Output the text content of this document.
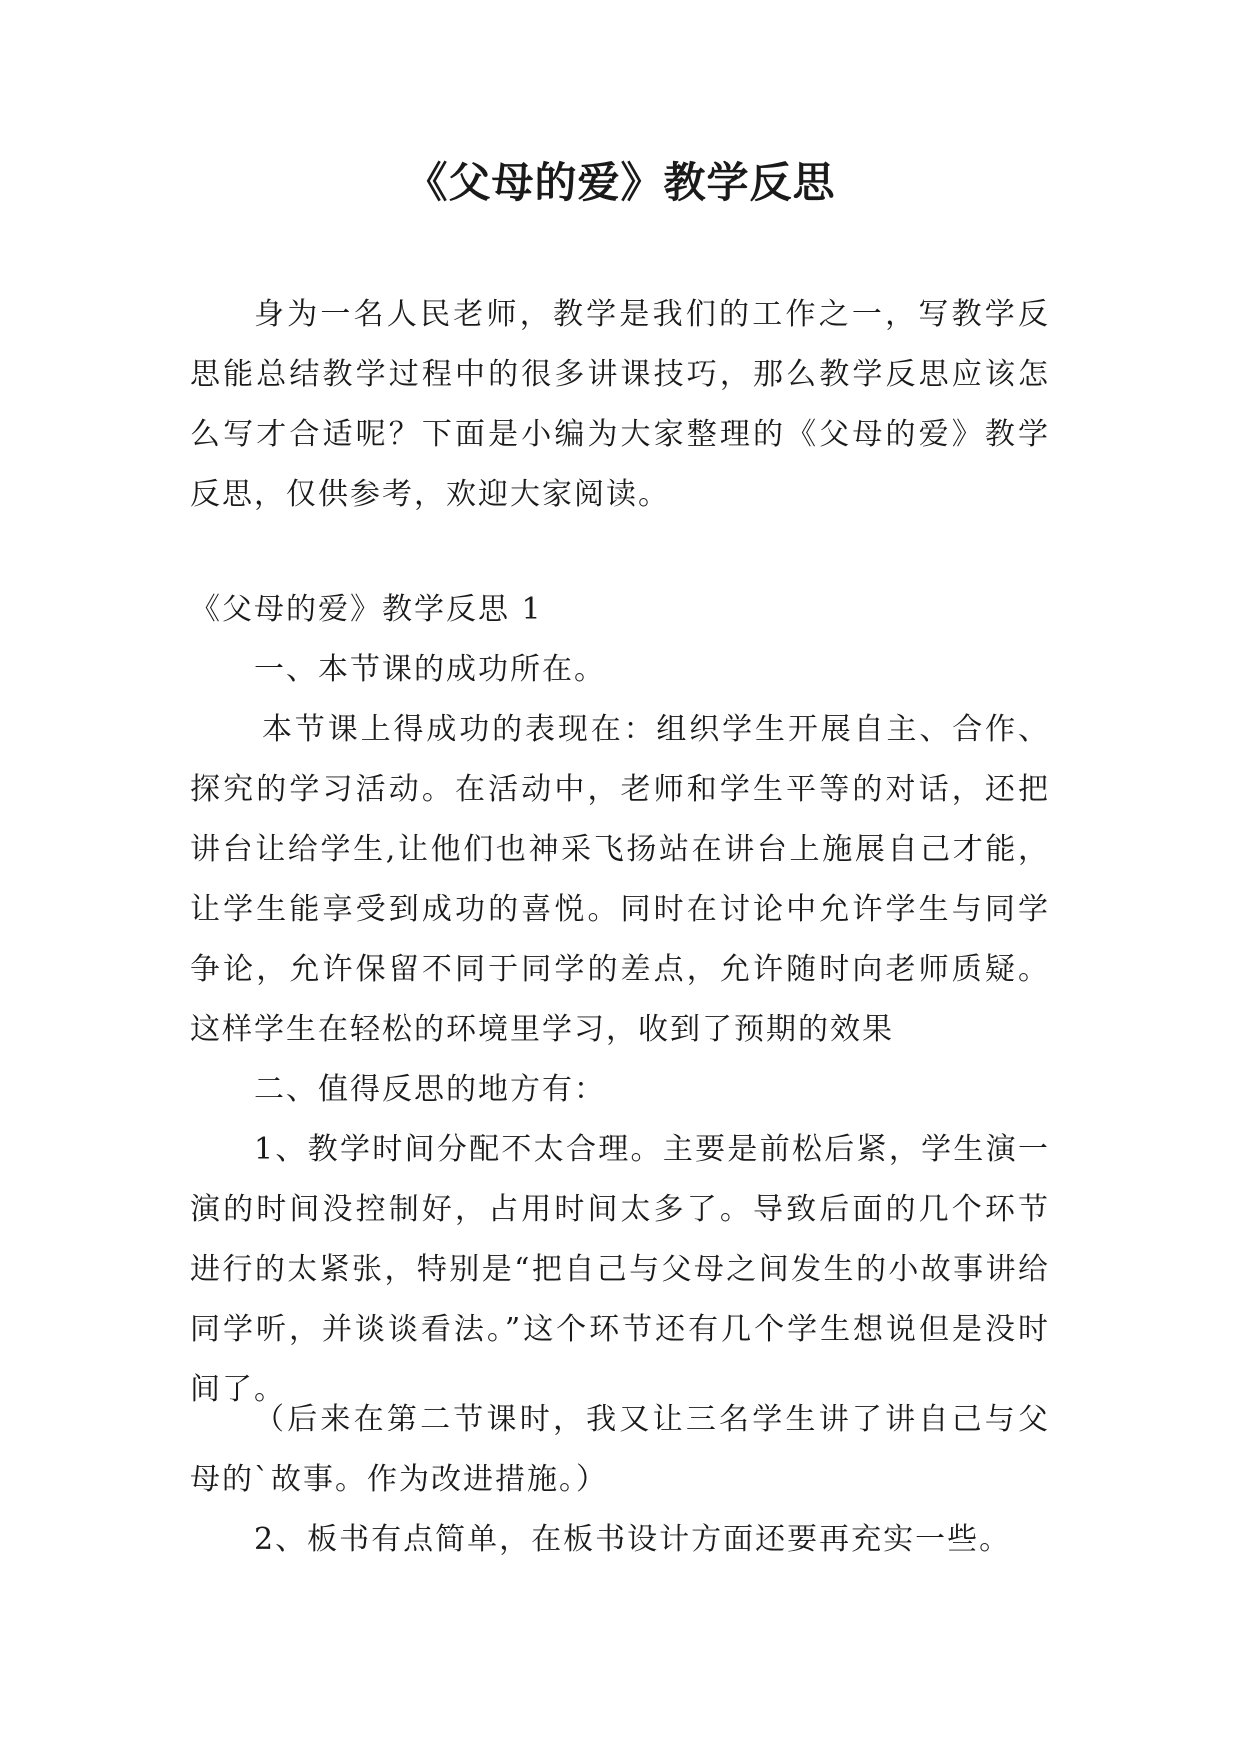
《父母的爱》教学反思

身为一名人民老师，教学是我们的工作之一，写教学反思能总结教学过程中的很多讲课技巧，那么教学反思应该怎么写才合适呢？下面是小编为大家整理的《父母的爱》教学反思，仅供参考，欢迎大家阅读。

《父母的爱》教学反思 1

一、本节课的成功所在。

本节课上得成功的表现在：组织学生开展自主、合作、探究的学习活动。在活动中，老师和学生平等的对话，还把讲台让给学生,让他们也神采飞扬站在讲台上施展自己才能，让学生能享受到成功的喜悦。同时在讨论中允许学生与同学争论，允许保留不同于同学的差点，允许随时向老师质疑。这样学生在轻松的环境里学习，收到了预期的效果

二、值得反思的地方有：

1、教学时间分配不太合理。主要是前松后紧，学生演一演的时间没控制好，占用时间太多了。导致后面的几个环节进行的太紧张，特别是“把自己与父母之间发生的小故事讲给同学听，并谈谈看法。”这个环节还有几个学生想说但是没时间了。

（后来在第二节课时，我又让三名学生讲了讲自己与父母的`故事。作为改进措施。）

2、板书有点简单，在板书设计方面还要再充实一些。
